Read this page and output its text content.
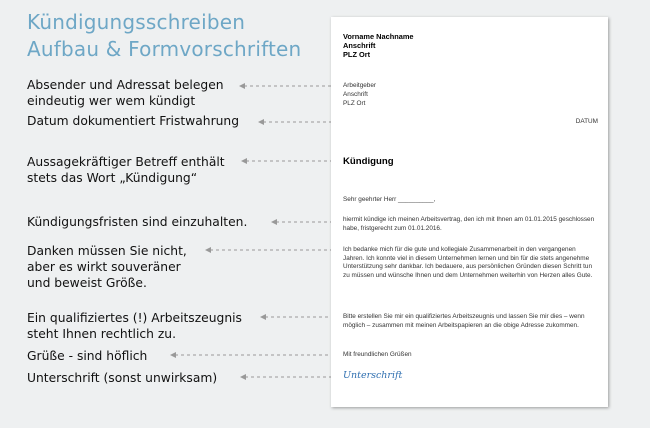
Kündigungsschreiben
Aufbau & Formvorschriften
Absender und Adressat belegen
eindeutig wer wem kündigt
Datum dokumentiert Fristwahrung
Aussagekräftiger Betreff enthält
stets das Wort „Kündigung“
Kündigungsfristen sind einzuhalten.
Danken müssen Sie nicht,
aber es wirkt souveräner
und beweist Größe.
Ein qualifiziertes (!) Arbeitszeugnis
steht Ihnen rechtlich zu.
Grüße - sind höflich
Unterschrift (sonst unwirksam)
Vorname Nachname
Anschrift
PLZ Ort
Arbeitgeber
Anschrift
PLZ Ort
DATUM
Kündigung
Sehr geehrter Herr __________,
hiermit kündige ich meinen Arbeitsvertrag, den ich mit Ihnen am 01.01.2015 geschlossen habe, fristgerecht zum 01.01.2016.
Ich bedanke mich für die gute und kollegiale Zusammenarbeit in den vergangenen Jahren. Ich konnte viel in diesem Unternehmen lernen und bin für die stets angenehme Unterstützung sehr dankbar. Ich bedauere, aus persönlichen Gründen diesen Schritt tun zu müssen und wünsche Ihnen und dem Unternehmen weiterhin von Herzen alles Gute.
Bitte erstellen Sie mir ein qualifiziertes Arbeitszeugnis und lassen Sie mir dies – wenn möglich – zusammen mit meinen Arbeitspapieren an die obige Adresse zukommen.
Mit freundlichen Grüßen
Unterschrift
